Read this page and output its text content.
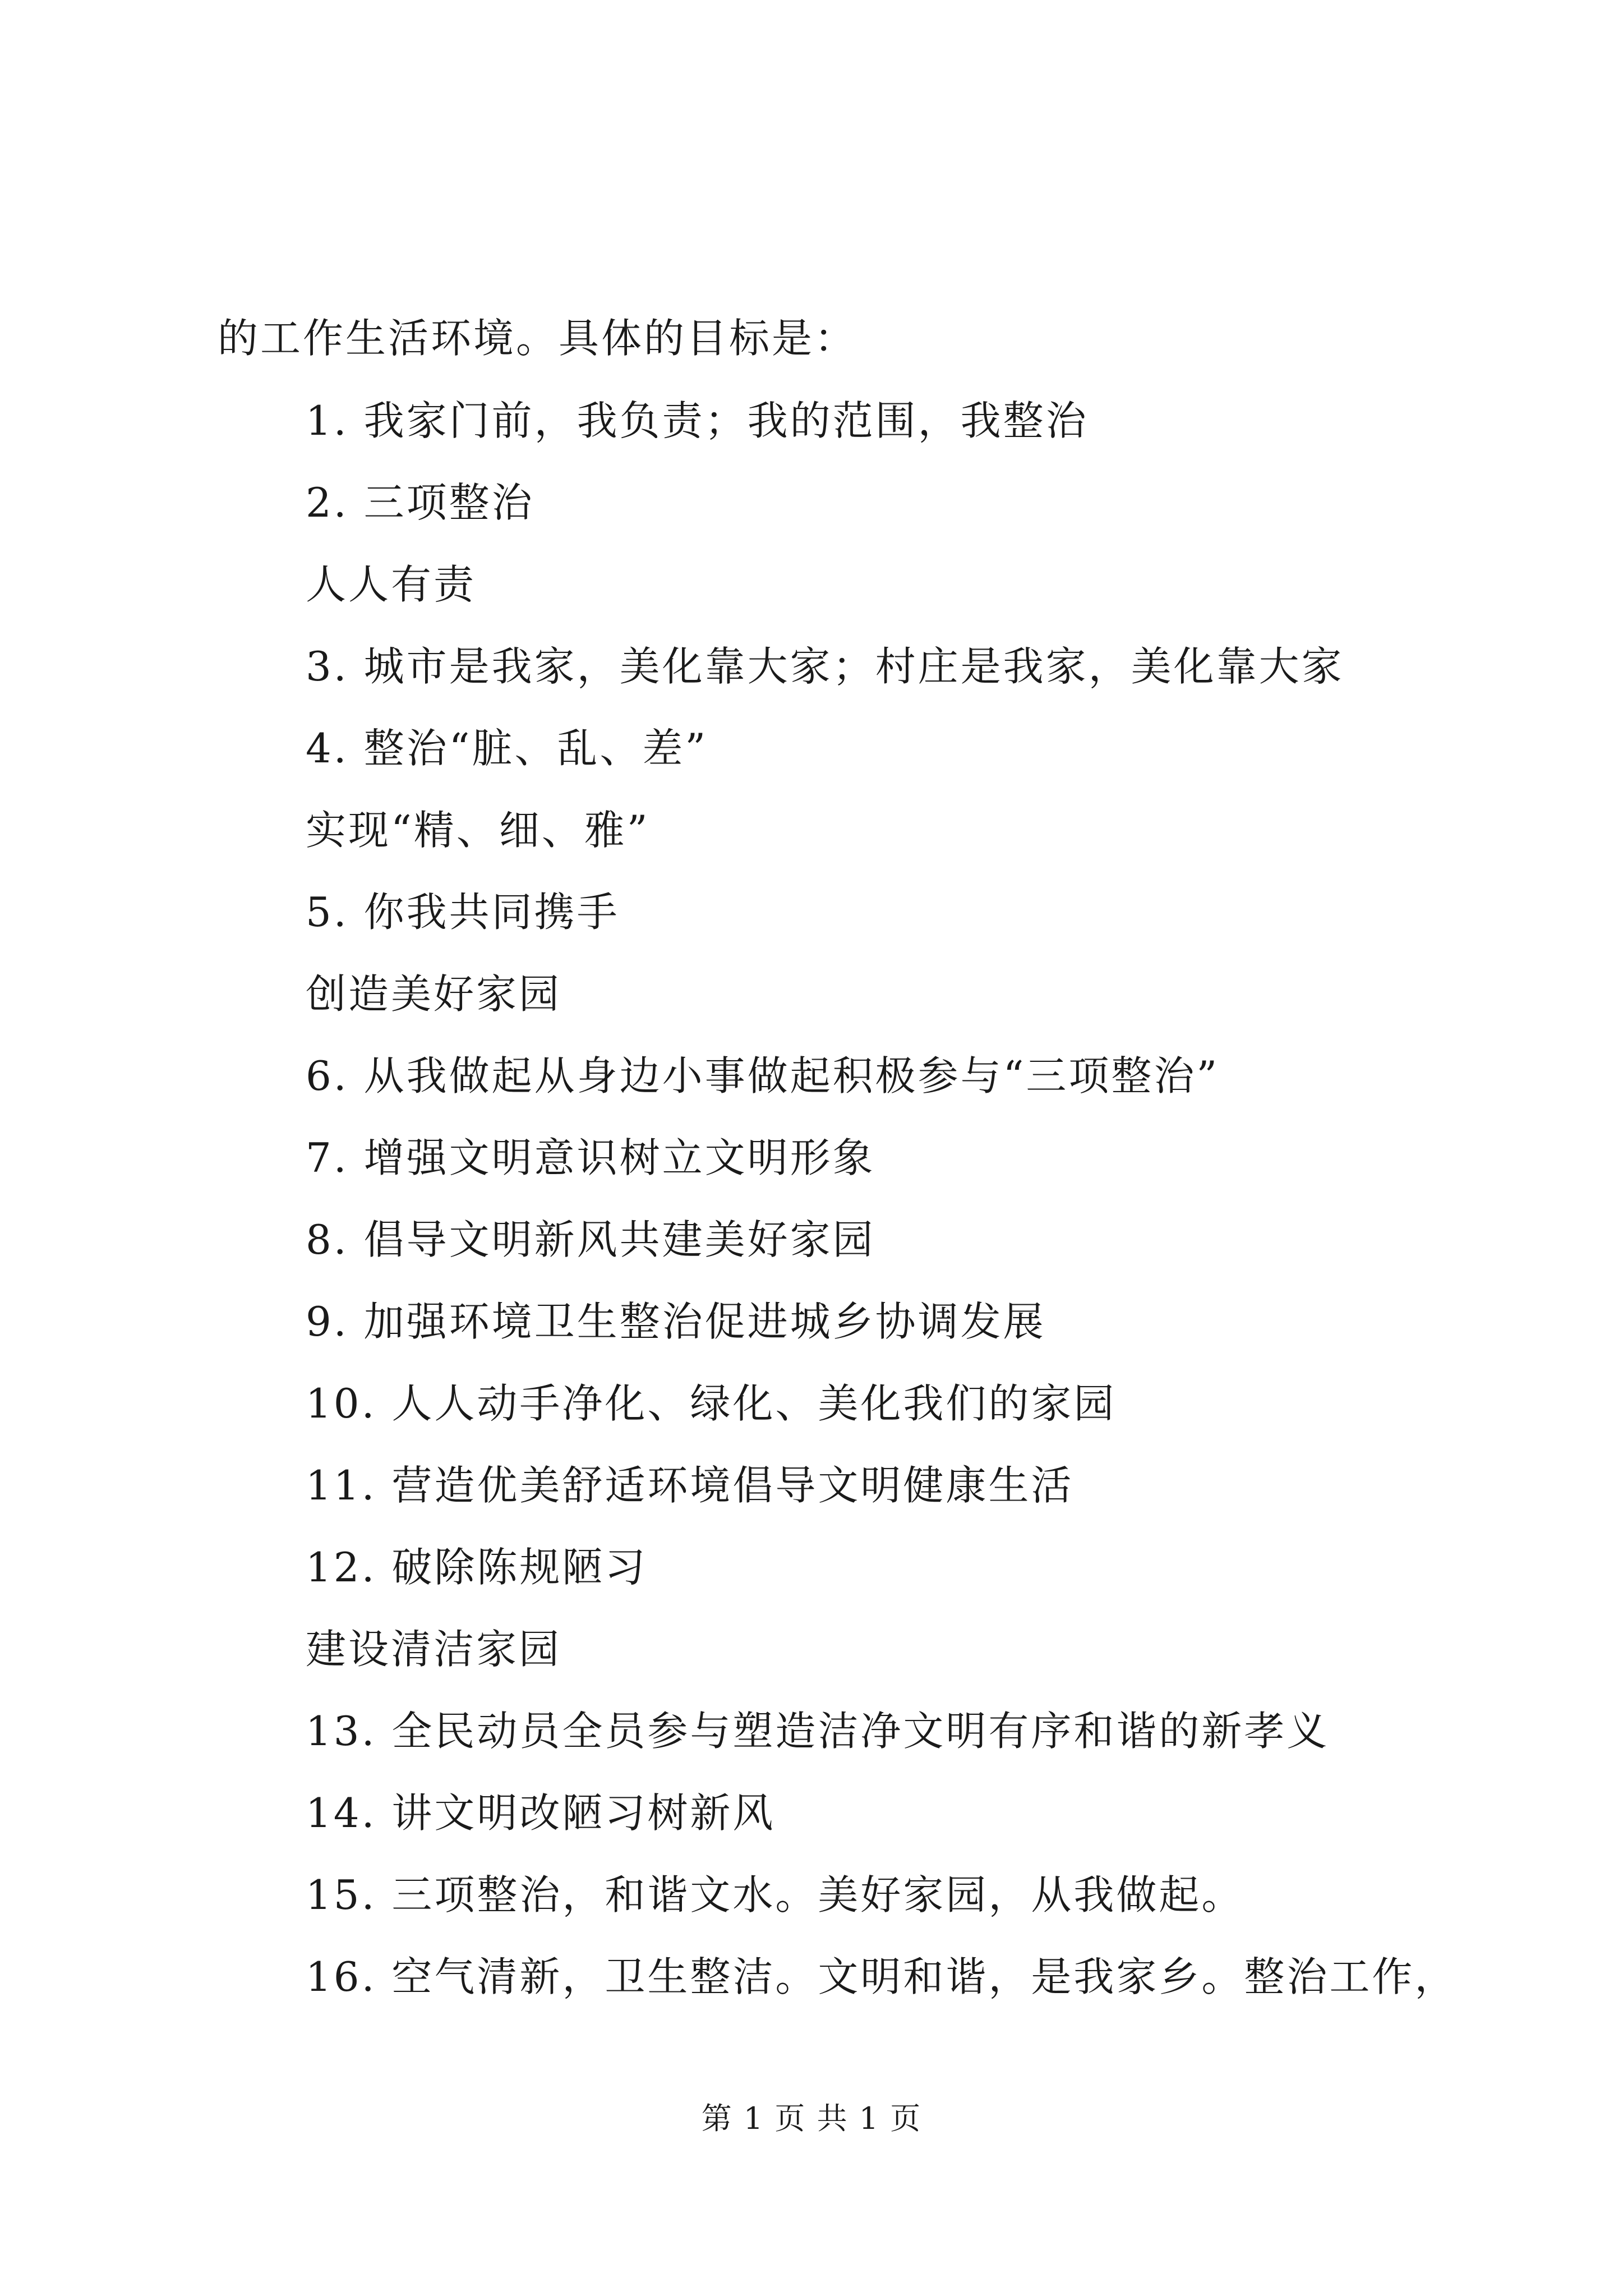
的工作生活环境。具体的目标是：
1. 我家门前，我负责；我的范围，我整治
2. 三项整治
人人有责
3. 城市是我家，美化靠大家；村庄是我家，美化靠大家
4. 整治“脏、乱、差”
实现“精、细、雅”
5. 你我共同携手
创造美好家园
6. 从我做起从身边小事做起积极参与“三项整治”
7. 增强文明意识树立文明形象
8. 倡导文明新风共建美好家园
9. 加强环境卫生整治促进城乡协调发展
10. 人人动手净化、绿化、美化我们的家园
11. 营造优美舒适环境倡导文明健康生活
12. 破除陈规陋习
建设清洁家园
13. 全民动员全员参与塑造洁净文明有序和谐的新孝义
14. 讲文明改陋习树新风
15. 三项整治，和谐文水。美好家园，从我做起。
16. 空气清新，卫生整洁。文明和谐，是我家乡。整治工作，
第 1 页 共 1 页
